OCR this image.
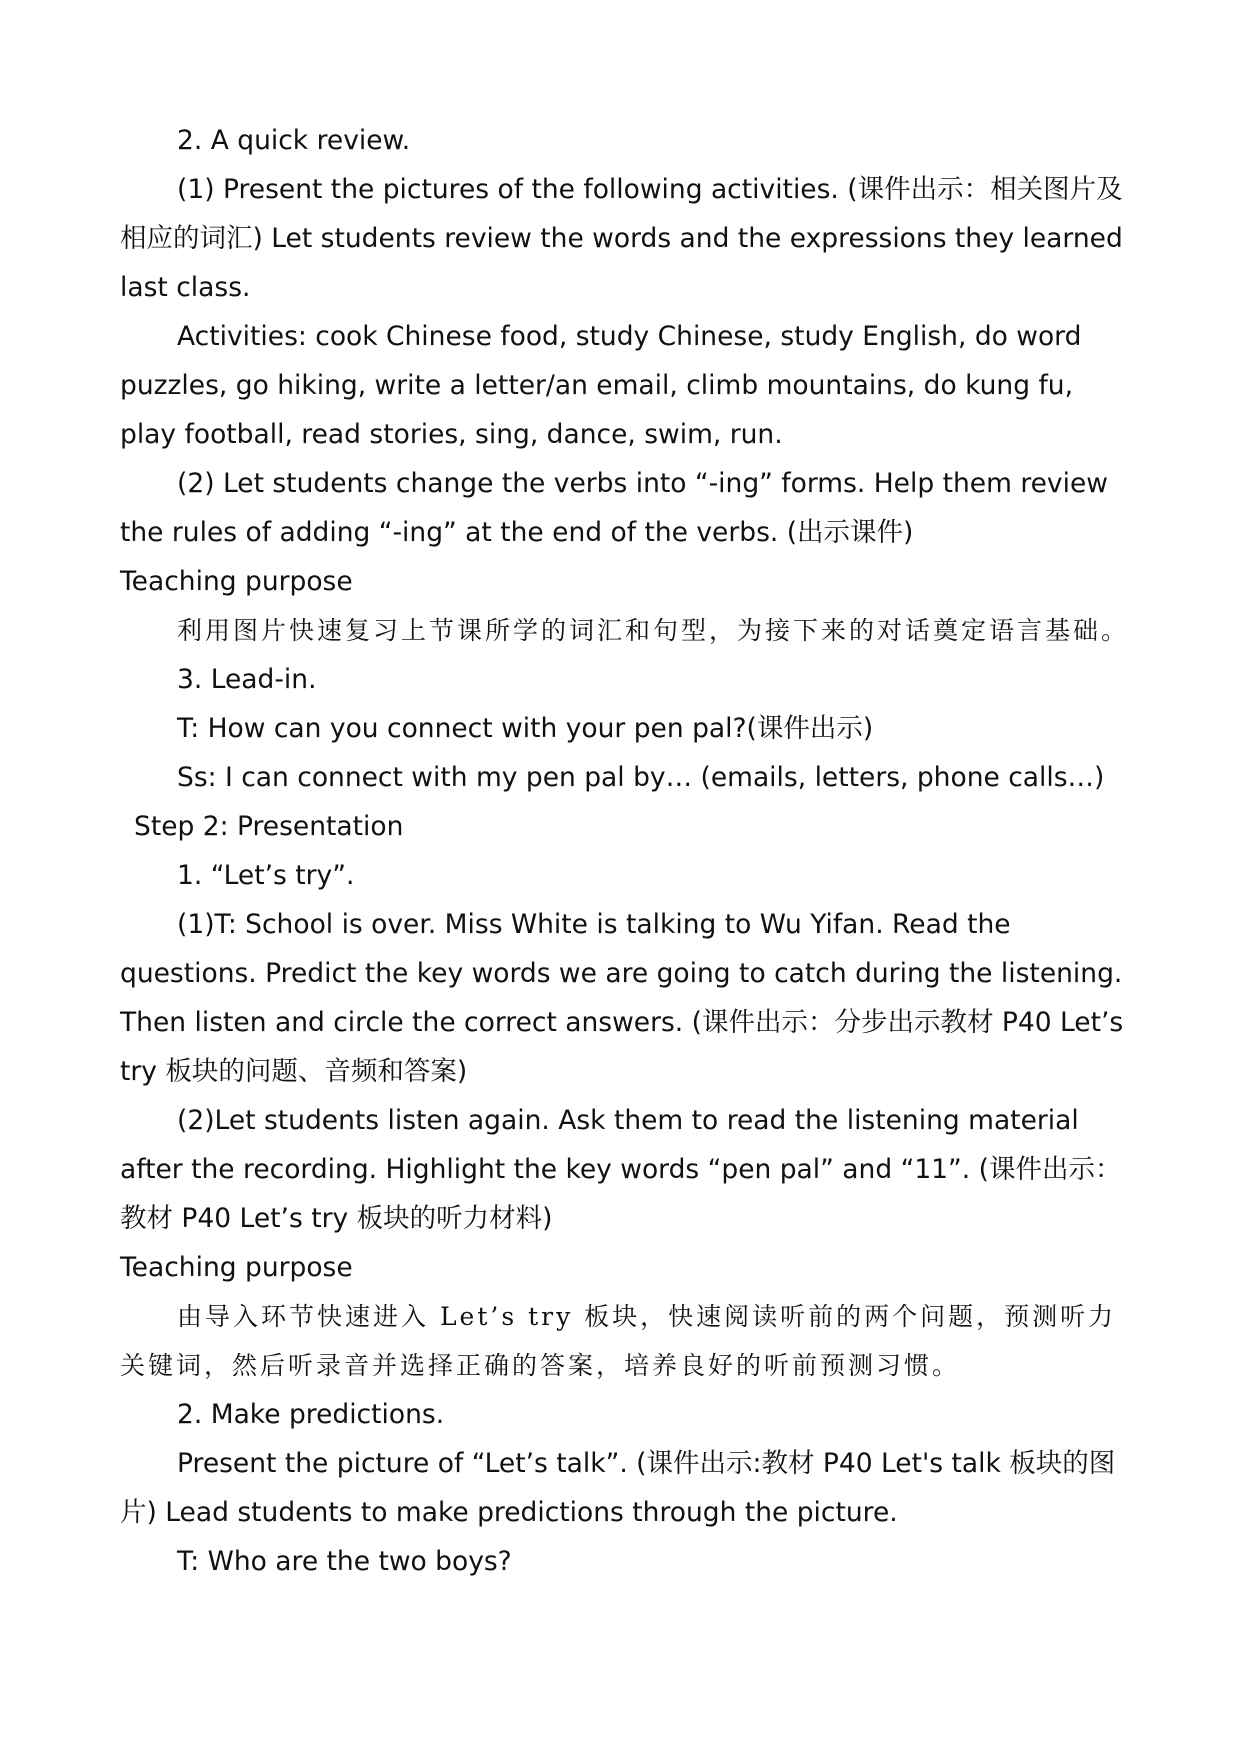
2. A quick review.

(1) Present the pictures of the following activities. (课件出示：相关图片及相应的词汇) Let students review the words and the expressions they learned last class.

Activities: cook Chinese food, study Chinese, study English, do word puzzles, go hiking, write a letter/an email, climb mountains, do kung fu, play football, read stories, sing, dance, swim, run.

(2) Let students change the verbs into “-ing” forms. Help them review the rules of adding “-ing” at the end of the verbs. (出示课件)

Teaching purpose

利用图片快速复习上节课所学的词汇和句型，为接下来的对话奠定语言基础。

3. Lead-in.

T: How can you connect with your pen pal?(课件出示)

Ss: I can connect with my pen pal by… (emails, letters, phone calls…)

Step 2: Presentation

1. “Let’s try”.

(1)T: School is over. Miss White is talking to Wu Yifan. Read the questions. Predict the key words we are going to catch during the listening. Then listen and circle the correct answers. (课件出示：分步出示教材 P40 Let’s try 板块的问题、音频和答案)

(2)Let students listen again. Ask them to read the listening material after the recording. Highlight the key words “pen pal” and “11”. (课件出示：教材 P40 Let’s try 板块的听力材料)

Teaching purpose

由导入环节快速进入 Let’s try 板块，快速阅读听前的两个问题，预测听力关键词，然后听录音并选择正确的答案，培养良好的听前预测习惯。

2. Make predictions.

Present the picture of “Let’s talk”. (课件出示:教材 P40 Let's talk 板块的图片) Lead students to make predictions through the picture.

T: Who are the two boys?
